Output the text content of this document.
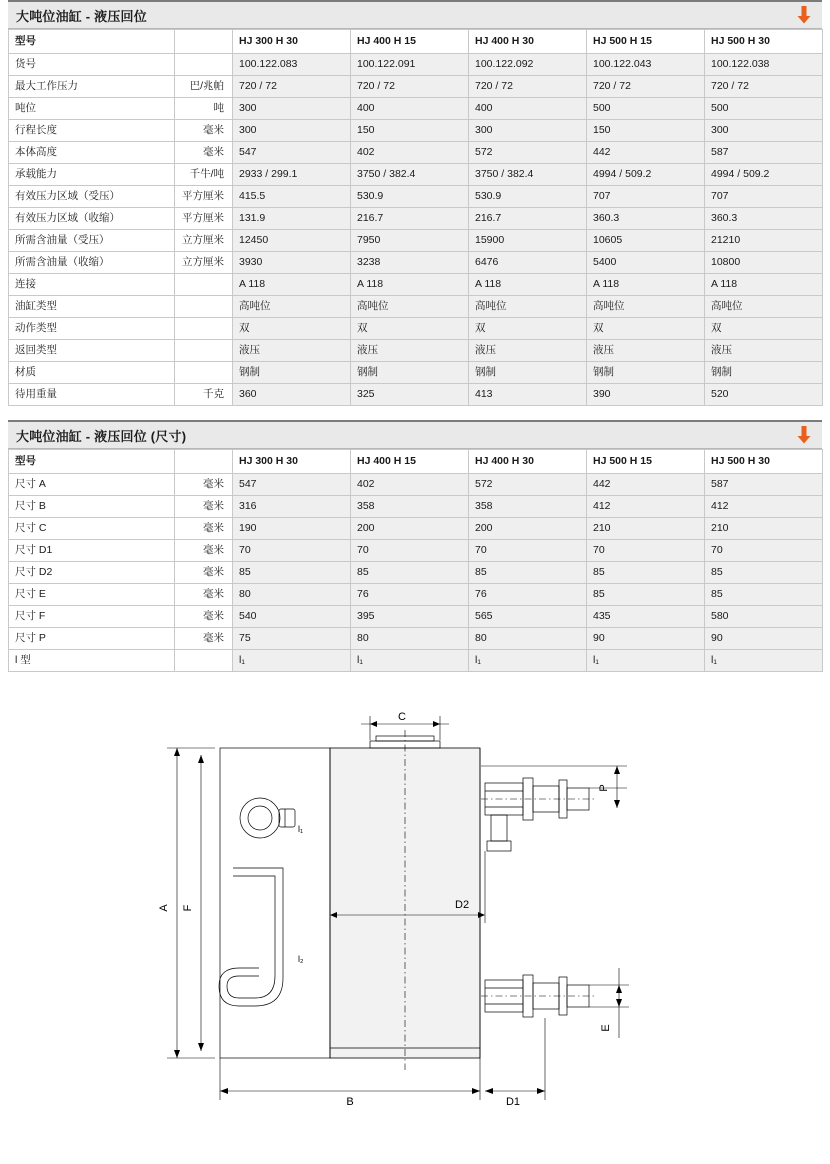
大吨位油缸 - 液压回位
型号		HJ 300 H 30	HJ 400 H 15	HJ 400 H 30	HJ 500 H 15	HJ 500 H 30
货号		100.122.083	100.122.091	100.122.092	100.122.043	100.122.038
最大工作压力	巴/兆帕	720 / 72	720 / 72	720 / 72	720 / 72	720 / 72
吨位	吨	300	400	400	500	500
行程长度	毫米	300	150	300	150	300
本体高度	毫米	547	402	572	442	587
承载能力	千牛/吨	2933 / 299.1	3750 / 382.4	3750 / 382.4	4994 / 509.2	4994 / 509.2
有效压力区域（受压）	平方厘米	415.5	530.9	530.9	707	707
有效压力区域（收缩）	平方厘米	131.9	216.7	216.7	360.3	360.3
所需含油量（受压）	立方厘米	12450	7950	15900	10605	21210
所需含油量（收缩）	立方厘米	3930	3238	6476	5400	10800
连接		A 118	A 118	A 118	A 118	A 118
油缸类型		高吨位	高吨位	高吨位	高吨位	高吨位
动作类型		双	双	双	双	双
返回类型		液压	液压	液压	液压	液压
材质		钢制	钢制	钢制	钢制	钢制
待用重量	千克	360	325	413	390	520
大吨位油缸 - 液压回位 (尺寸)
型号		HJ 300 H 30	HJ 400 H 15	HJ 400 H 30	HJ 500 H 15	HJ 500 H 30
尺寸 A	毫米	547	402	572	442	587
尺寸 B	毫米	316	358	358	412	412
尺寸 C	毫米	190	200	200	210	210
尺寸 D1	毫米	70	70	70	70	70
尺寸 D2	毫米	85	85	85	85	85
尺寸 E	毫米	80	76	76	85	85
尺寸 F	毫米	540	395	565	435	580
尺寸 P	毫米	75	80	80	90	90
l 型		l₁	l₁	l₁	l₁	l₁
l₁
l₂
C
A F
P
D2
E
B	D1
